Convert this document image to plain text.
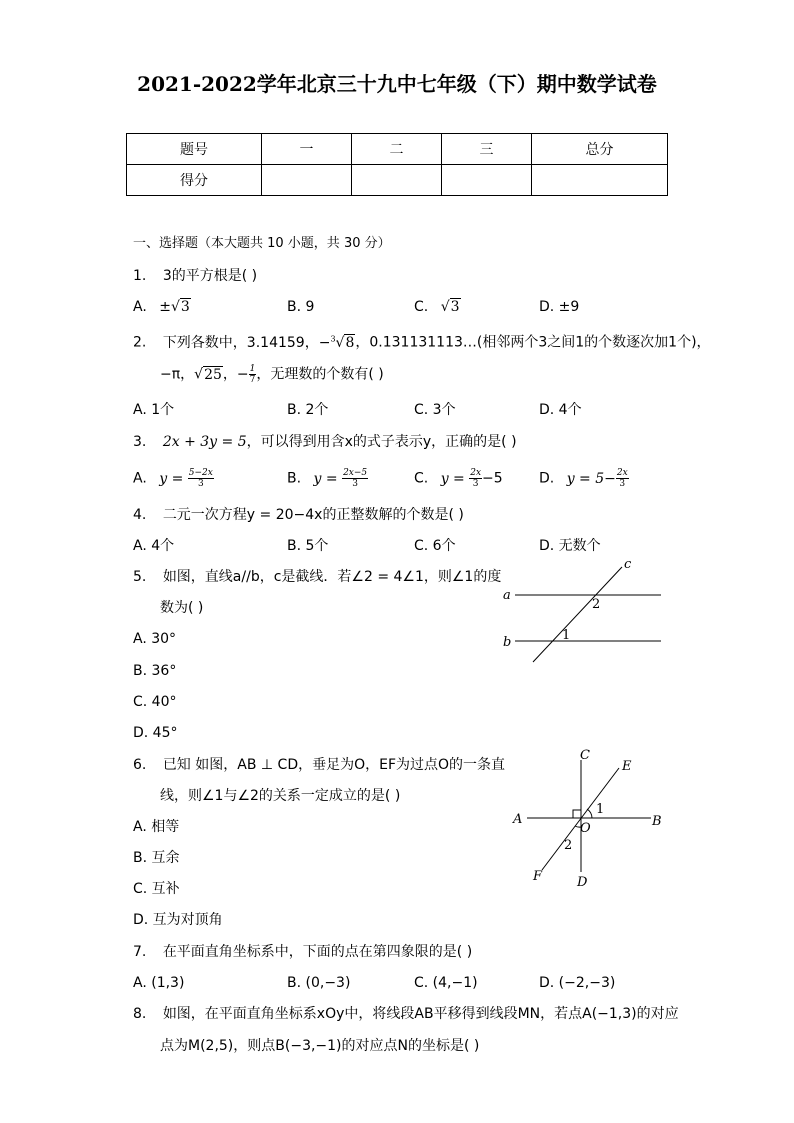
2021-2022学年北京三十九中七年级（下）期中数学试卷
题号	一	二	三	总分
得分				
一、选择题（本大题共 10 小题，共 30 分）
1. 3的平方根是( )
A. ±√3	B. 9	C. √3	D. ±9
2. 下列各数中，3.14159，−$^3$√8，0.131131113…(相邻两个3之间1的个数逐次加1个)，
−π，√25，− $\frac{1}{7}$ ，无理数的个数有( )
A. 1个	B. 2个	C. 3个	D. 4个
3. 2x + 3y = 5，可以得到用含x的式子表示y，正确的是( )
A. $y = \frac{5-2x}{3}$	B. $y = \frac{2x-5}{3}$	C. $y = \frac{2x}{3} -5$	D. $y = 5- \frac{2x}{3}$
4. 二元一次方程y = 20−4x的正整数解的个数是( )
A. 4个	B. 5个	C. 6个	D. 无数个
5. 如图，直线a//b，c是截线．若∠2 = 4∠1，则∠1的度
数为( )
A. 30°
B. 36°
C. 40°
D. 45°
a
b
c
2
1
6. 已知 如图，AB ⊥ CD，垂足为O，EF为过点O的一条直
线，则∠1与∠2的关系一定成立的是( )
A. 相等
B. 互余
C. 互补
D. 互为对顶角
C
E
A	B
O
1
2
F	D
7. 在平面直角坐标系中，下面的点在第四象限的是( )
A. (1,3)	B. (0,−3)	C. (4,−1)	D. (−2,−3)
8. 如图，在平面直角坐标系xOy中，将线段AB平移得到线段MN，若点A(−1,3)的对应
点为M(2,5)，则点B(−3,−1)的对应点N的坐标是( )
